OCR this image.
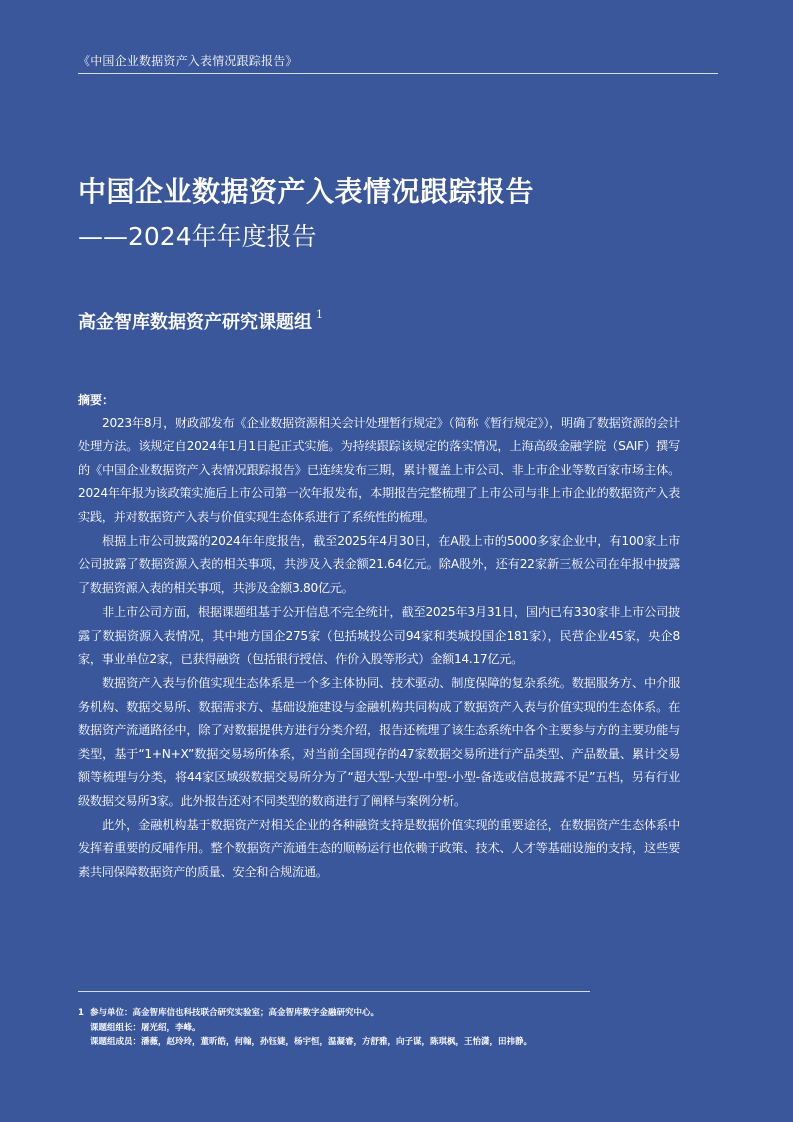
《中国企业数据资产入表情况跟踪报告》
中国企业数据资产入表情况跟踪报告
——2024年年度报告
高金智库数据资产研究课题组 $^1$
摘要：

2023年8月，财政部发布《企业数据资源相关会计处理暂行规定》（简称《暂行规定》），明确了数据资源的会计处理方法。该规定自2024年1月1日起正式实施。为持续跟踪该规定的落实情况，上海高级金融学院（SAIF）撰写的《中国企业数据资产入表情况跟踪报告》已连续发布三期，累计覆盖上市公司、非上市企业等数百家市场主体。2024年年报为该政策实施后上市公司第一次年报发布，本期报告完整梳理了上市公司与非上市企业的数据资产入表实践，并对数据资产入表与价值实现生态体系进行了系统性的梳理。

根据上市公司披露的2024年年度报告，截至2025年4月30日，在A股上市的5000多家企业中，有100家上市公司披露了数据资源入表的相关事项，共涉及入表金额21.64亿元。除A股外，还有22家新三板公司在年报中披露了数据资源入表的相关事项，共涉及金额3.80亿元。

非上市公司方面，根据课题组基于公开信息不完全统计，截至2025年3月31日，国内已有330家非上市公司披露了数据资源入表情况，其中地方国企275家（包括城投公司94家和类城投国企181家），民营企业45家，央企8家，事业单位2家，已获得融资（包括银行授信、作价入股等形式）金额14.17亿元。

数据资产入表与价值实现生态体系是一个多主体协同、技术驱动、制度保障的复杂系统。数据服务方、中介服务机构、数据交易所、数据需求方、基础设施建设与金融机构共同构成了数据资产入表与价值实现的生态体系。在数据资产流通路径中，除了对数据提供方进行分类介绍，报告还梳理了该生态系统中各个主要参与方的主要功能与类型，基于“1+N+X”数据交易场所体系，对当前全国现存的47家数据交易所进行产品类型、产品数量、累计交易额等梳理与分类，将44家区域级数据交易所分为了“超大型-大型-中型-小型-备选或信息披露不足”五档，另有行业级数据交易所3家。此外报告还对不同类型的数商进行了阐释与案例分析。

此外，金融机构基于数据资产对相关企业的各种融资支持是数据价值实现的重要途径，在数据资产生态体系中发挥着重要的反哺作用。整个数据资产流通生态的顺畅运行也依赖于政策、技术、人才等基础设施的支持，这些要素共同保障数据资产的质量、安全和合规流通。

1 参与单位：高金智库信也科技联合研究实验室；高金智库数字金融研究中心。
课题组组长：屠光绍，李峰。
课题组成员：潘薇，赵玲玲，董昕皓，何翰，孙钰婕，杨宇恒，温凝睿，方舒雅，向子谋，陈琪枫，王怡潇，田祎静。
